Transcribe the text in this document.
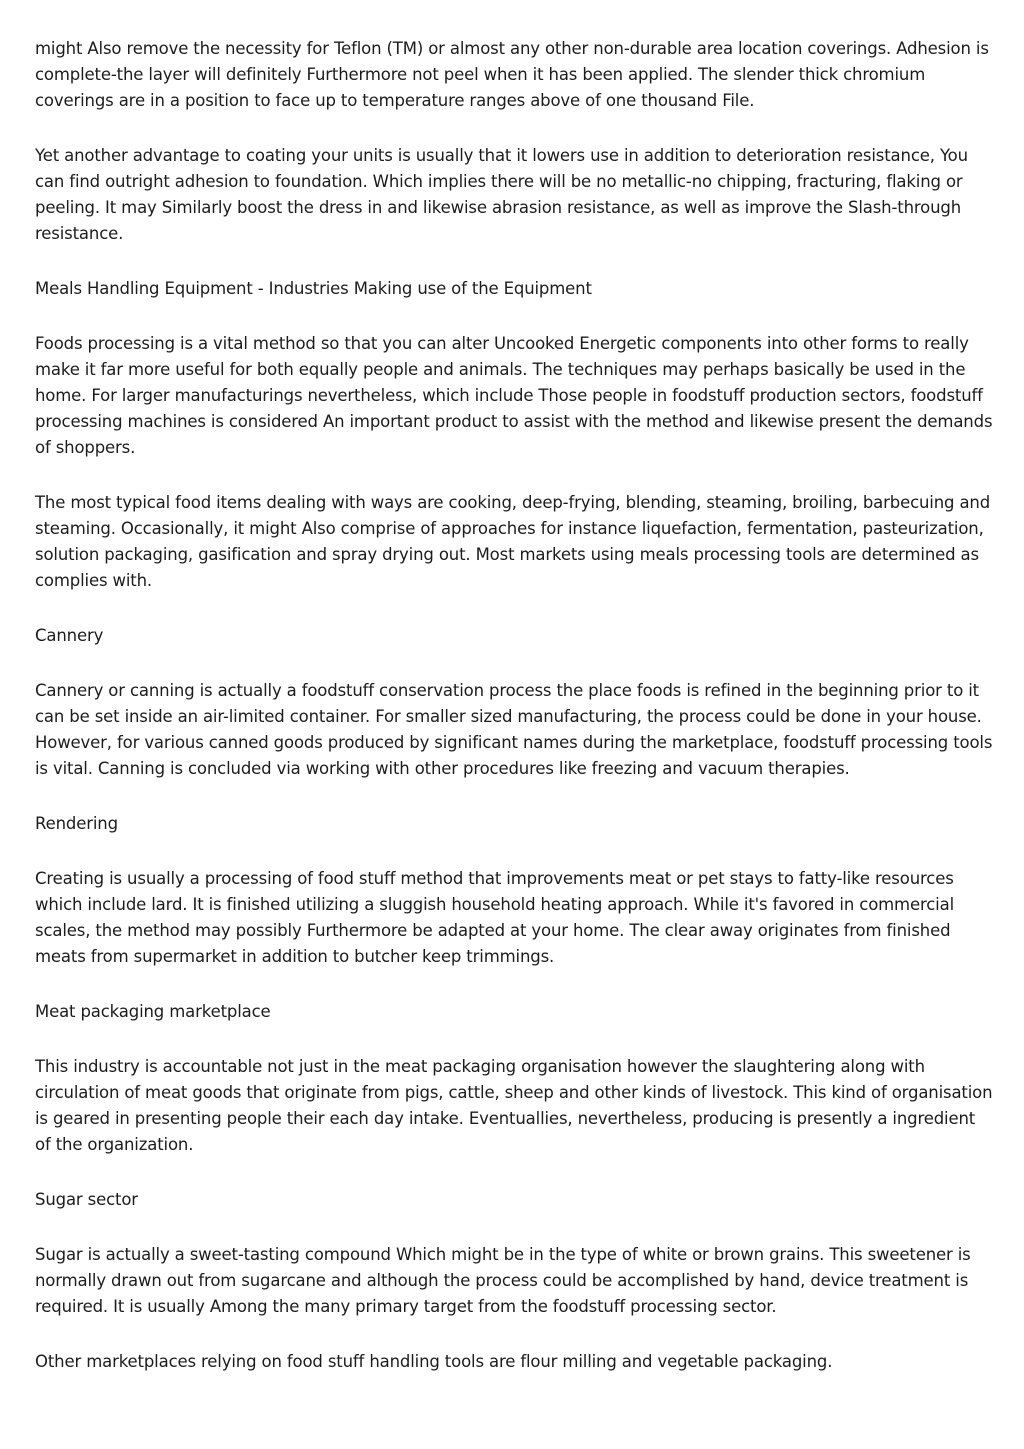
might Also remove the necessity for Teflon (TM) or almost any other non-durable area location coverings. Adhesion is complete-the layer will definitely Furthermore not peel when it has been applied. The slender thick chromium coverings are in a position to face up to temperature ranges above of one thousand File.

Yet another advantage to coating your units is usually that it lowers use in addition to deterioration resistance, You can find outright adhesion to foundation. Which implies there will be no metallic-no chipping, fracturing, flaking or peeling. It may Similarly boost the dress in and likewise abrasion resistance, as well as improve the Slash-through resistance.

Meals Handling Equipment - Industries Making use of the Equipment

Foods processing is a vital method so that you can alter Uncooked Energetic components into other forms to really make it far more useful for both equally people and animals. The techniques may perhaps basically be used in the home. For larger manufacturings nevertheless, which include Those people in foodstuff production sectors, foodstuff processing machines is considered An important product to assist with the method and likewise present the demands of shoppers.

The most typical food items dealing with ways are cooking, deep-frying, blending, steaming, broiling, barbecuing and steaming. Occasionally, it might Also comprise of approaches for instance liquefaction, fermentation, pasteurization, solution packaging, gasification and spray drying out. Most markets using meals processing tools are determined as complies with.

Cannery

Cannery or canning is actually a foodstuff conservation process the place foods is refined in the beginning prior to it can be set inside an air-limited container. For smaller sized manufacturing, the process could be done in your house. However, for various canned goods produced by significant names during the marketplace, foodstuff processing tools is vital. Canning is concluded via working with other procedures like freezing and vacuum therapies.

Rendering

Creating is usually a processing of food stuff method that improvements meat or pet stays to fatty-like resources which include lard. It is finished utilizing a sluggish household heating approach. While it's favored in commercial scales, the method may possibly Furthermore be adapted at your home. The clear away originates from finished meats from supermarket in addition to butcher keep trimmings.

Meat packaging marketplace

This industry is accountable not just in the meat packaging organisation however the slaughtering along with circulation of meat goods that originate from pigs, cattle, sheep and other kinds of livestock. This kind of organisation is geared in presenting people their each day intake. Eventuallies, nevertheless, producing is presently a ingredient of the organization.

Sugar sector

Sugar is actually a sweet-tasting compound Which might be in the type of white or brown grains. This sweetener is normally drawn out from sugarcane and although the process could be accomplished by hand, device treatment is required. It is usually Among the many primary target from the foodstuff processing sector.

Other marketplaces relying on food stuff handling tools are flour milling and vegetable packaging.
